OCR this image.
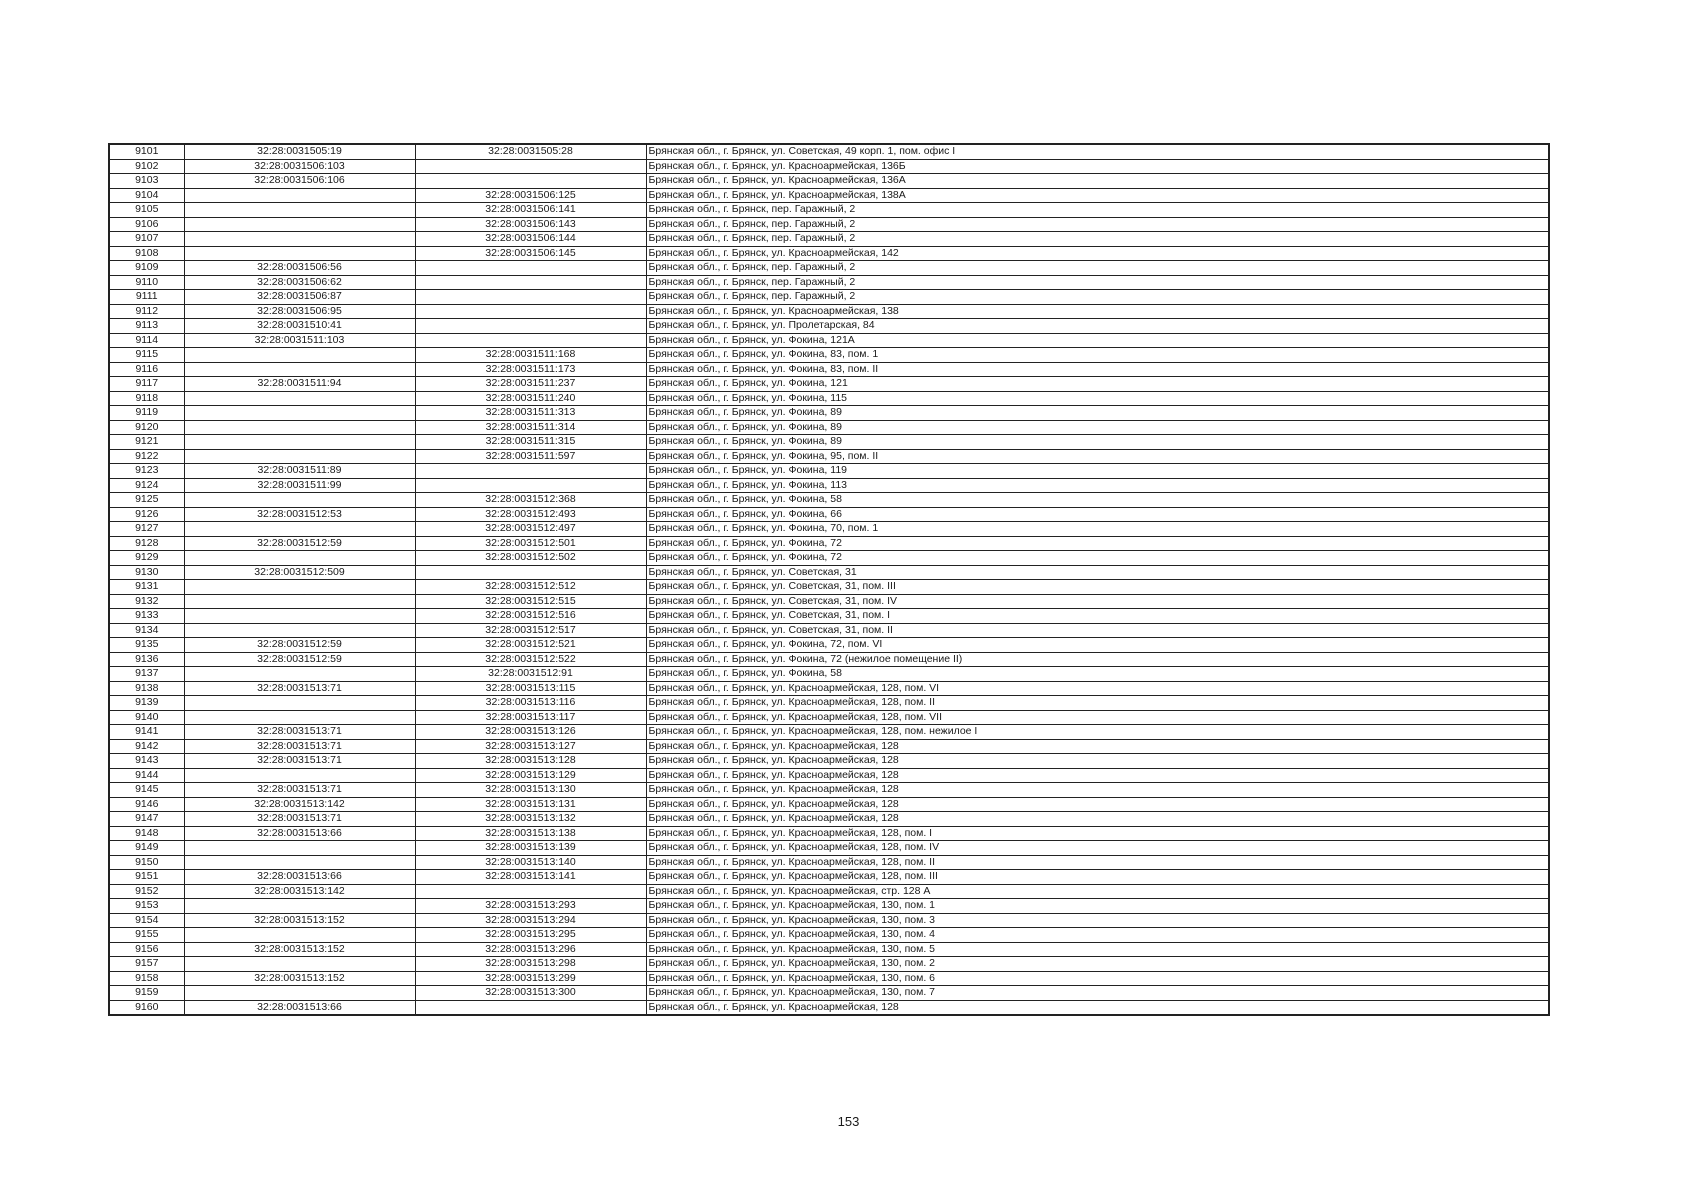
9101	32:28:0031505:19	32:28:0031505:28	Брянская обл., г. Брянск, ул. Советская, 49 корп. 1, пом. офис I
9102	32:28:0031506:103		Брянская обл., г. Брянск, ул. Красноармейская, 136Б
9103	32:28:0031506:106		Брянская обл., г. Брянск, ул. Красноармейская, 136А
9104		32:28:0031506:125	Брянская обл., г. Брянск, ул. Красноармейская, 138А
9105		32:28:0031506:141	Брянская обл., г. Брянск, пер. Гаражный, 2
9106		32:28:0031506:143	Брянская обл., г. Брянск, пер. Гаражный, 2
9107		32:28:0031506:144	Брянская обл., г. Брянск, пер. Гаражный, 2
9108		32:28:0031506:145	Брянская обл., г. Брянск, ул. Красноармейская, 142
9109	32:28:0031506:56		Брянская обл., г. Брянск, пер. Гаражный, 2
9110	32:28:0031506:62		Брянская обл., г. Брянск, пер. Гаражный, 2
9111	32:28:0031506:87		Брянская обл., г. Брянск, пер. Гаражный, 2
9112	32:28:0031506:95		Брянская обл., г. Брянск, ул. Красноармейская, 138
9113	32:28:0031510:41		Брянская обл., г. Брянск, ул. Пролетарская, 84
9114	32:28:0031511:103		Брянская обл., г. Брянск, ул. Фокина, 121А
9115		32:28:0031511:168	Брянская обл., г. Брянск, ул. Фокина, 83, пом. 1
9116		32:28:0031511:173	Брянская обл., г. Брянск, ул. Фокина, 83, пом. II
9117	32:28:0031511:94	32:28:0031511:237	Брянская обл., г. Брянск, ул. Фокина, 121
9118		32:28:0031511:240	Брянская обл., г. Брянск, ул. Фокина, 115
9119		32:28:0031511:313	Брянская обл., г. Брянск, ул. Фокина, 89
9120		32:28:0031511:314	Брянская обл., г. Брянск, ул. Фокина, 89
9121		32:28:0031511:315	Брянская обл., г. Брянск, ул. Фокина, 89
9122		32:28:0031511:597	Брянская обл., г. Брянск, ул. Фокина, 95, пом. II
9123	32:28:0031511:89		Брянская обл., г. Брянск, ул. Фокина, 119
9124	32:28:0031511:99		Брянская обл., г. Брянск, ул. Фокина, 113
9125		32:28:0031512:368	Брянская обл., г. Брянск, ул. Фокина, 58
9126	32:28:0031512:53	32:28:0031512:493	Брянская обл., г. Брянск, ул. Фокина, 66
9127		32:28:0031512:497	Брянская обл., г. Брянск, ул. Фокина, 70, пом. 1
9128	32:28:0031512:59	32:28:0031512:501	Брянская обл., г. Брянск, ул. Фокина, 72
9129		32:28:0031512:502	Брянская обл., г. Брянск, ул. Фокина, 72
9130	32:28:0031512:509		Брянская обл., г. Брянск, ул. Советская, 31
9131		32:28:0031512:512	Брянская обл., г. Брянск, ул. Советская, 31, пом. III
9132		32:28:0031512:515	Брянская обл., г. Брянск, ул. Советская, 31, пом. IV
9133		32:28:0031512:516	Брянская обл., г. Брянск, ул. Советская, 31, пом. I
9134		32:28:0031512:517	Брянская обл., г. Брянск, ул. Советская, 31, пом. II
9135	32:28:0031512:59	32:28:0031512:521	Брянская обл., г. Брянск, ул. Фокина, 72, пом. VI
9136	32:28:0031512:59	32:28:0031512:522	Брянская обл., г. Брянск, ул. Фокина, 72 (нежилое помещение II)
9137		32:28:0031512:91	Брянская обл., г. Брянск, ул. Фокина, 58
9138	32:28:0031513:71	32:28:0031513:115	Брянская обл., г. Брянск, ул. Красноармейская, 128, пом. VI
9139		32:28:0031513:116	Брянская обл., г. Брянск, ул. Красноармейская, 128, пом. II
9140		32:28:0031513:117	Брянская обл., г. Брянск, ул. Красноармейская, 128, пом. VII
9141	32:28:0031513:71	32:28:0031513:126	Брянская обл., г. Брянск, ул. Красноармейская, 128, пом. нежилое I
9142	32:28:0031513:71	32:28:0031513:127	Брянская обл., г. Брянск, ул. Красноармейская, 128
9143	32:28:0031513:71	32:28:0031513:128	Брянская обл., г. Брянск, ул. Красноармейская, 128
9144		32:28:0031513:129	Брянская обл., г. Брянск, ул. Красноармейская, 128
9145	32:28:0031513:71	32:28:0031513:130	Брянская обл., г. Брянск, ул. Красноармейская, 128
9146	32:28:0031513:142	32:28:0031513:131	Брянская обл., г. Брянск, ул. Красноармейская, 128
9147	32:28:0031513:71	32:28:0031513:132	Брянская обл., г. Брянск, ул. Красноармейская, 128
9148	32:28:0031513:66	32:28:0031513:138	Брянская обл., г. Брянск, ул. Красноармейская, 128, пом. I
9149		32:28:0031513:139	Брянская обл., г. Брянск, ул. Красноармейская, 128, пом. IV
9150		32:28:0031513:140	Брянская обл., г. Брянск, ул. Красноармейская, 128, пом. II
9151	32:28:0031513:66	32:28:0031513:141	Брянская обл., г. Брянск, ул. Красноармейская, 128, пом. III
9152	32:28:0031513:142		Брянская обл., г. Брянск, ул. Красноармейская, стр. 128 А
9153		32:28:0031513:293	Брянская обл., г. Брянск, ул. Красноармейская, 130, пом. 1
9154	32:28:0031513:152	32:28:0031513:294	Брянская обл., г. Брянск, ул. Красноармейская, 130, пом. 3
9155		32:28:0031513:295	Брянская обл., г. Брянск, ул. Красноармейская, 130, пом. 4
9156	32:28:0031513:152	32:28:0031513:296	Брянская обл., г. Брянск, ул. Красноармейская, 130, пом. 5
9157		32:28:0031513:298	Брянская обл., г. Брянск, ул. Красноармейская, 130, пом. 2
9158	32:28:0031513:152	32:28:0031513:299	Брянская обл., г. Брянск, ул. Красноармейская, 130, пом. 6
9159		32:28:0031513:300	Брянская обл., г. Брянск, ул. Красноармейская, 130, пом. 7
9160	32:28:0031513:66		Брянская обл., г. Брянск, ул. Красноармейская, 128
153
